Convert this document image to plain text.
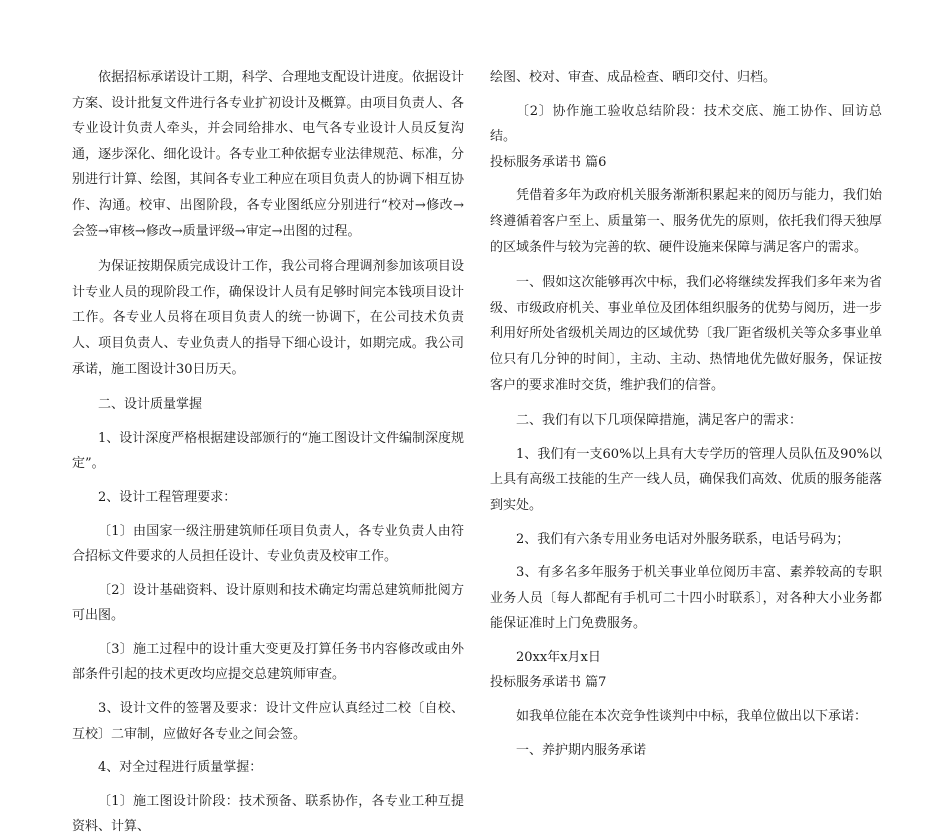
依据招标承诺设计工期，科学、合理地支配设计进度。依据设计方案、设计批复文件进行各专业扩初设计及概算。由项目负责人、各专业设计负责人牵头，并会同给排水、电气各专业设计人员反复沟通，逐步深化、细化设计。各专业工种依据专业法律规范、标准，分别进行计算、绘图，其间各专业工种应在项目负责人的协调下相互协作、沟通。校审、出图阶段，各专业图纸应分别进行“校对→修改→会签→审核→修改→质量评级→审定→出图的过程。

为保证按期保质完成设计工作，我公司将合理调剂参加该项目设计专业人员的现阶段工作，确保设计人员有足够时间完本钱项目设计工作。各专业人员将在项目负责人的统一协调下，在公司技术负责人、项目负责人、专业负责人的指导下细心设计，如期完成。我公司承诺，施工图设计30日历天。

二、设计质量掌握

1、设计深度严格根据建设部颁行的“施工图设计文件编制深度规定”。

2、设计工程管理要求：

〔1〕由国家一级注册建筑师任项目负责人，各专业负责人由符合招标文件要求的人员担任设计、专业负责及校审工作。

〔2〕设计基础资料、设计原则和技术确定均需总建筑师批阅方可出图。

〔3〕施工过程中的设计重大变更及打算任务书内容修改或由外部条件引起的技术更改均应提交总建筑师审查。

3、设计文件的签署及要求：设计文件应认真经过二校〔自校、互校〕二审制，应做好各专业之间会签。

4、对全过程进行质量掌握：

〔1〕施工图设计阶段：技术预备、联系协作，各专业工种互提资料、计算、

绘图、校对、审查、成品检查、晒印交付、归档。

〔2〕协作施工验收总结阶段：技术交底、施工协作、回访总结。

投标服务承诺书 篇6

凭借着多年为政府机关服务渐渐积累起来的阅历与能力，我们始终遵循着客户至上、质量第一、服务优先的原则，依托我们得天独厚的区域条件与较为完善的软、硬件设施来保障与满足客户的需求。

一、假如这次能够再次中标，我们必将继续发挥我们多年来为省级、市级政府机关、事业单位及团体组织服务的优势与阅历，进一步利用好所处省级机关周边的区域优势〔我厂距省级机关等众多事业单位只有几分钟的时间〕，主动、主动、热情地优先做好服务，保证按客户的要求准时交货，维护我们的信誉。

二、我们有以下几项保障措施，满足客户的需求：

1、我们有一支60%以上具有大专学历的管理人员队伍及90%以上具有高级工技能的生产一线人员，确保我们高效、优质的服务能落到实处。

2、我们有六条专用业务电话对外服务联系，电话号码为；

3、有多名多年服务于机关事业单位阅历丰富、素养较高的专职业务人员〔每人都配有手机可二十四小时联系〕，对各种大小业务都能保证准时上门免费服务。

20xx年x月x日

投标服务承诺书 篇7

如我单位能在本次竞争性谈判中中标，我单位做出以下承诺：

一、养护期内服务承诺
